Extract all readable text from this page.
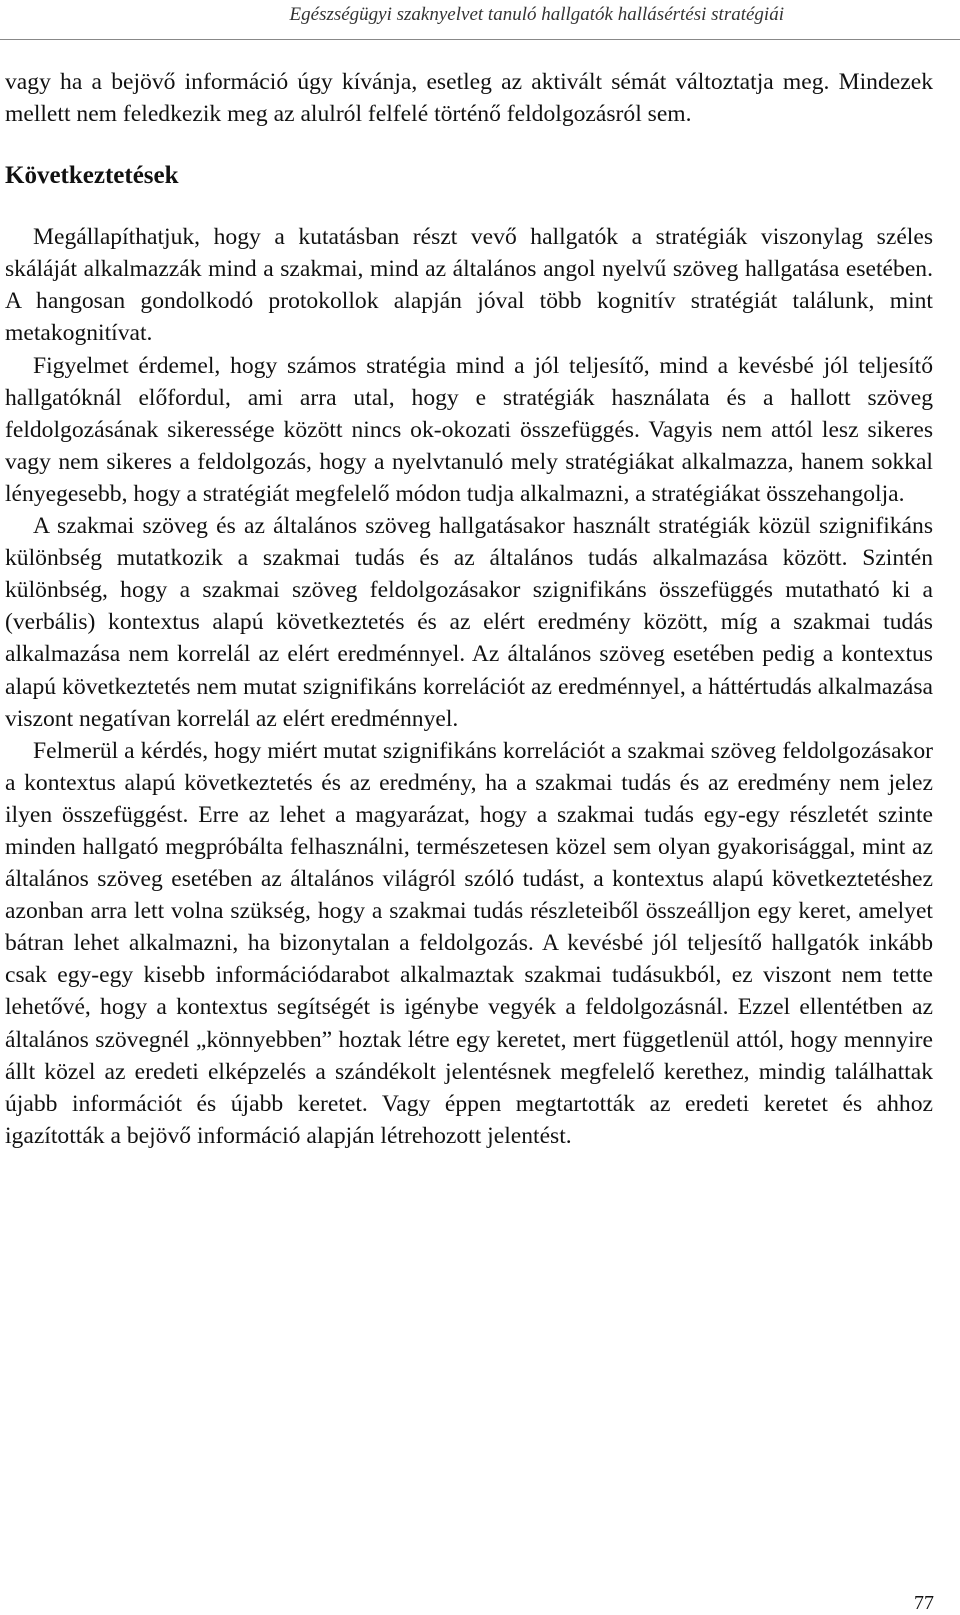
Egészségügyi szaknyelvet tanuló hallgatók hallásértési stratégiái

vagy ha a bejövő információ úgy kívánja, esetleg az aktivált sémát változtatja meg. Mindezek mellett nem feledkezik meg az alulról felfelé történő feldolgozásról sem.

Következtetések

Megállapíthatjuk, hogy a kutatásban részt vevő hallgatók a stratégiák viszonylag széles skáláját alkalmazzák mind a szakmai, mind az általános angol nyelvű szöveg hallgatása esetében. A hangosan gondolkodó protokollok alapján jóval több kognitív stratégiát találunk, mint metakognitívat.

Figyelmet érdemel, hogy számos stratégia mind a jól teljesítő, mind a kevésbé jól teljesítő hallgatóknál előfordul, ami arra utal, hogy e stratégiák használata és a hallott szöveg feldolgozásának sikeressége között nincs ok-okozati összefüggés. Vagyis nem attól lesz sikeres vagy nem sikeres a feldolgozás, hogy a nyelvtanuló mely stratégiákat alkalmazza, hanem sokkal lényegesebb, hogy a stratégiát megfelelő módon tudja alkalmazni, a stratégiákat összehangolja.

A szakmai szöveg és az általános szöveg hallgatásakor használt stratégiák közül szignifikáns különbség mutatkozik a szakmai tudás és az általános tudás alkalmazása között. Szintén különbség, hogy a szakmai szöveg feldolgozásakor szignifikáns összefüggés mutatható ki a (verbális) kontextus alapú következtetés és az elért eredmény között, míg a szakmai tudás alkalmazása nem korrelál az elért eredménnyel. Az általános szöveg esetében pedig a kontextus alapú következtetés nem mutat szignifikáns korrelációt az eredménnyel, a háttértudás alkalmazása viszont negatívan korrelál az elért eredménnyel.

Felmerül a kérdés, hogy miért mutat szignifikáns korrelációt a szakmai szöveg feldolgozásakor a kontextus alapú következtetés és az eredmény, ha a szakmai tudás és az eredmény nem jelez ilyen összefüggést. Erre az lehet a magyarázat, hogy a szakmai tudás egy-egy részletét szinte minden hallgató megpróbálta felhasználni, természetesen közel sem olyan gyakorisággal, mint az általános szöveg esetében az általános világról szóló tudást, a kontextus alapú következtetéshez azonban arra lett volna szükség, hogy a szakmai tudás részleteiből összeálljon egy keret, amelyet bátran lehet alkalmazni, ha bizonytalan a feldolgozás. A kevésbé jól teljesítő hallgatók inkább csak egy-egy kisebb információdarabot alkalmaztak szakmai tudásukból, ez viszont nem tette lehetővé, hogy a kontextus segítségét is igénybe vegyék a feldolgozásnál. Ezzel ellentétben az általános szövegnél „könnyebben” hoztak létre egy keretet, mert függetlenül attól, hogy mennyire állt közel az eredeti elképzelés a szándékolt jelentésnek megfelelő kerethez, mindig találhattak újabb információt és újabb keretet. Vagy éppen megtartották az eredeti keretet és ahhoz igazították a bejövő információ alapján létrehozott jelentést.

77
